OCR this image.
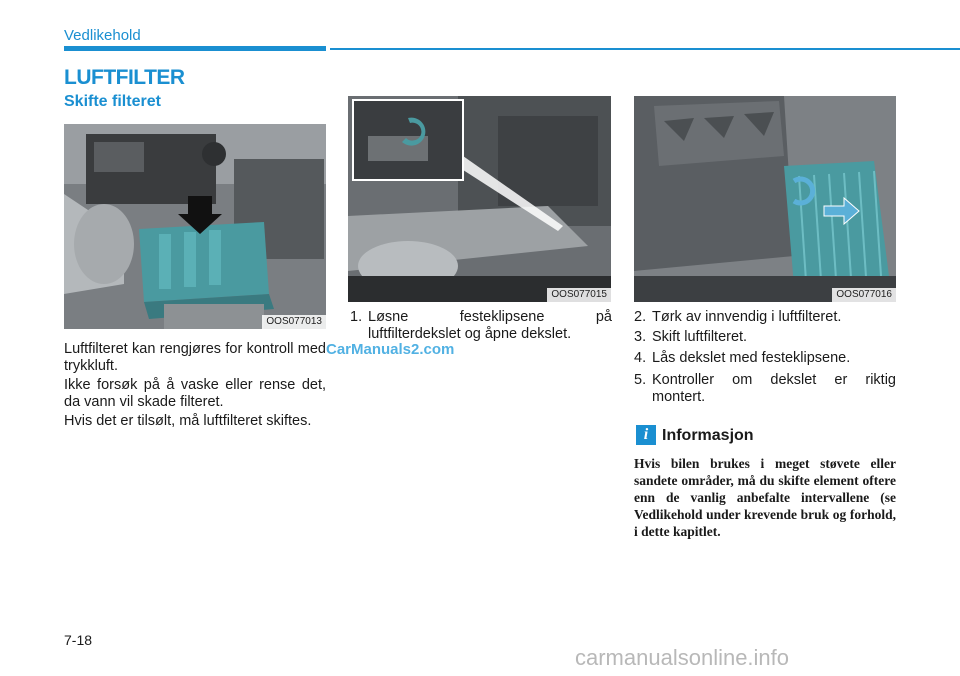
Vedlikehold
LUFTFILTER
Skifte filteret
OOS077013
OOS077015	OOS077016

Luftfilteret kan rengjøres for kontroll med trykkluft.

Ikke forsøk på å vaske eller rense det, da vann vil skade filteret.

Hvis det er tilsølt, må luftfilteret skiftes.

1. Løsne festeklipsene på luftfilterdekslet og åpne dekslet.
2. Tørk av innvendig i luftfilteret.
3. Skift luftfilteret.
4. Lås dekslet med festeklipsene.
5. Kontroller om dekslet er riktig montert.
i Informasjon
Hvis bilen brukes i meget støvete eller sandete områder, må du skifte element oftere enn de vanlig anbefalte intervallene (se Vedlikehold under krevende bruk og forhold, i dette kapitlet.
7-18
CarManuals2.com
carmanualsonline.info
